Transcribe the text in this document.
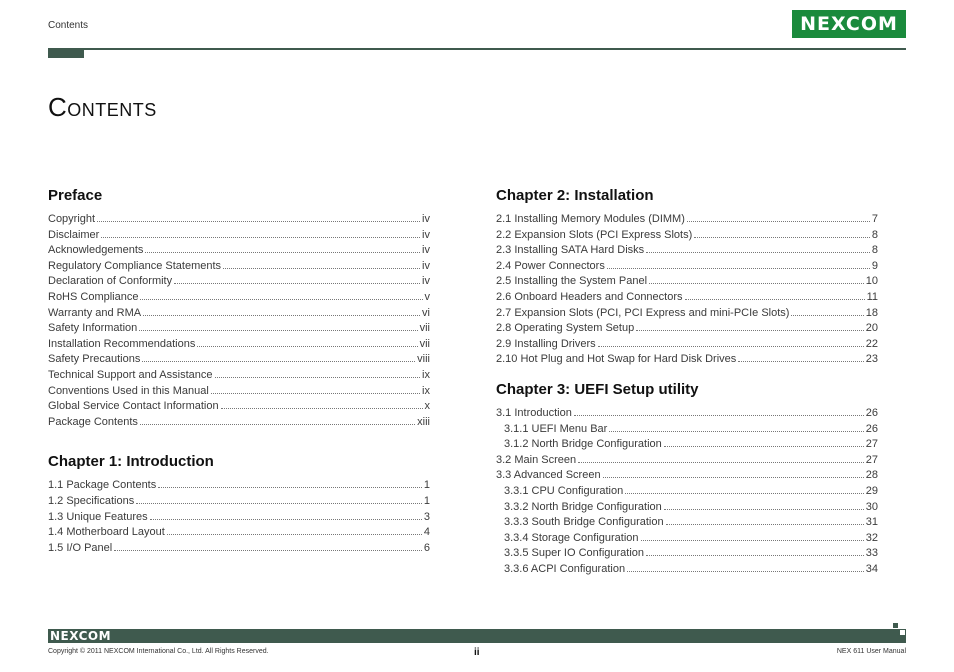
Contents	NEXCOM
Contents
Preface
Copyright	iv
Disclaimer	iv
Acknowledgements	iv
Regulatory Compliance Statements	iv
Declaration of Conformity	iv
RoHS Compliance	v
Warranty and RMA	vi
Safety Information	vii
Installation Recommendations	vii
Safety Precautions	viii
Technical Support and Assistance	ix
Conventions Used in this Manual	ix
Global Service Contact Information	x
Package Contents	xiii
Chapter 1: Introduction
1.1 Package Contents	1
1.2 Specifications	1
1.3 Unique Features	3
1.4 Motherboard Layout	4
1.5 I/O Panel	6
Chapter 2: Installation
2.1 Installing Memory Modules (DIMM)	7
2.2 Expansion Slots (PCI Express Slots)	8
2.3 Installing SATA Hard Disks	8
2.4 Power Connectors	9
2.5 Installing the System Panel	10
2.6 Onboard Headers and Connectors	11
2.7 Expansion Slots (PCI, PCI Express and mini-PCIe Slots)	18
2.8 Operating System Setup	20
2.9 Installing Drivers	22
2.10 Hot Plug and Hot Swap for Hard Disk Drives	23
Chapter 3: UEFI Setup utility
3.1 Introduction	26
3.1.1 UEFI Menu Bar	26
3.1.2 North Bridge Configuration	27
3.2 Main Screen	27
3.3 Advanced Screen	28
3.3.1 CPU Configuration	29
3.3.2 North Bridge Configuration	30
3.3.3 South Bridge Configuration	31
3.3.4 Storage Configuration	32
3.3.5 Super IO Configuration	33
3.3.6 ACPI Configuration	34
NEXCOM
Copyright © 2011 NEXCOM International Co., Ltd. All Rights Reserved.	ii	NEX 611 User Manual
